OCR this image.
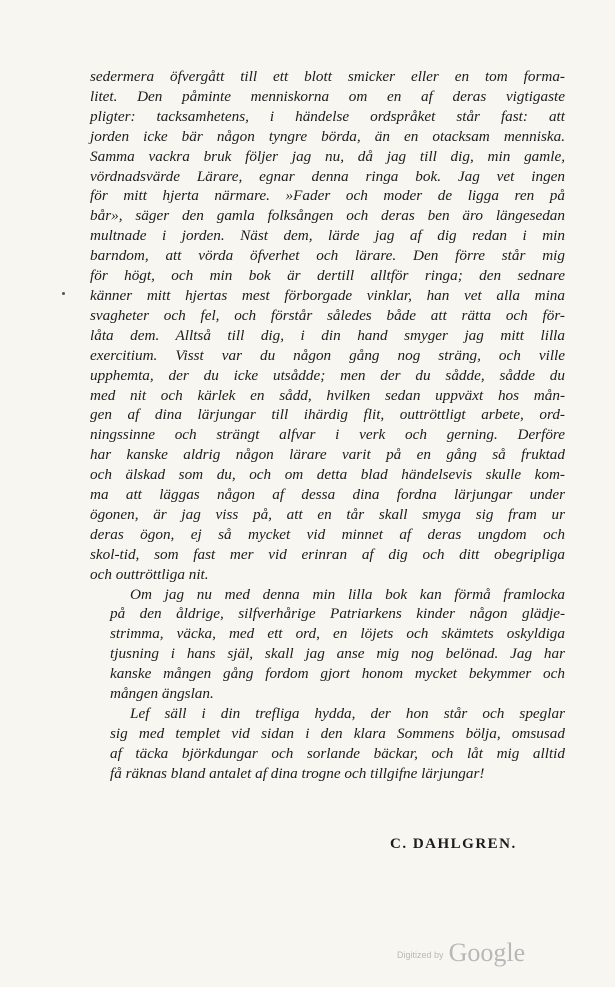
sedermera öfvergått till ett blott smicker eller en tom forma-
litet. Den påminte menniskorna om en af deras vigtigaste
pligter: tacksamhetens, i händelse ordspråket står fast: att
jorden icke bär någon tyngre börda, än en otacksam menniska.
Samma vackra bruk följer jag nu, då jag till dig, min gamle,
vördnadsvärde Lärare, egnar denna ringa bok. Jag vet ingen
för mitt hjerta närmare. »Fader och moder de ligga ren på
bår», säger den gamla folksången och deras ben äro längesedan
multnade i jorden. Näst dem, lärde jag af dig redan i min
barndom, att vörda öfverhet och lärare. Den förre står mig
för högt, och min bok är dertill alltför ringa; den sednare
känner mitt hjertas mest förborgade vinklar, han vet alla mina
svagheter och fel, och förstår således både att rätta och för-
låta dem. Alltså till dig, i din hand smyger jag mitt lilla
exercitium. Visst var du någon gång nog sträng, och ville
upphemta, der du icke utsådde; men der du sådde, sådde du
med nit och kärlek en sådd, hvilken sedan uppväxt hos mån-
gen af dina lärjungar till ihärdig flit, outtröttligt arbete, ord-
ningssinne och strängt alfvar i verk och gerning. Derföre
har kanske aldrig någon lärare varit på en gång så fruktad
och älskad som du, och om detta blad händelsevis skulle kom-
ma att läggas någon af dessa dina fordna lärjungar under
ögonen, är jag viss på, att en tår skall smyga sig fram ur
deras ögon, ej så mycket vid minnet af deras ungdom och
skol-tid, som fast mer vid erinran af dig och ditt obegripliga
och outtröttliga nit.
Om jag nu med denna min lilla bok kan förmå framlocka
på den åldrige, silfverhårige Patriarkens kinder någon glädje-
strimma, väcka, med ett ord, en löjets och skämtets oskyldiga
tjusning i hans själ, skall jag anse mig nog belönad. Jag har
kanske mången gång fordom gjort honom mycket bekymmer och
mången ängslan.
Lef säll i din trefliga hydda, der hon står och speglar
sig med templet vid sidan i den klara Sommens bölja, omsusad
af täcka björkdungar och sorlande bäckar, och låt mig alltid
få räknas bland antalet af dina trogne och tillgifne lärjungar!
C. DAHLGREN.
Digitized by Google
